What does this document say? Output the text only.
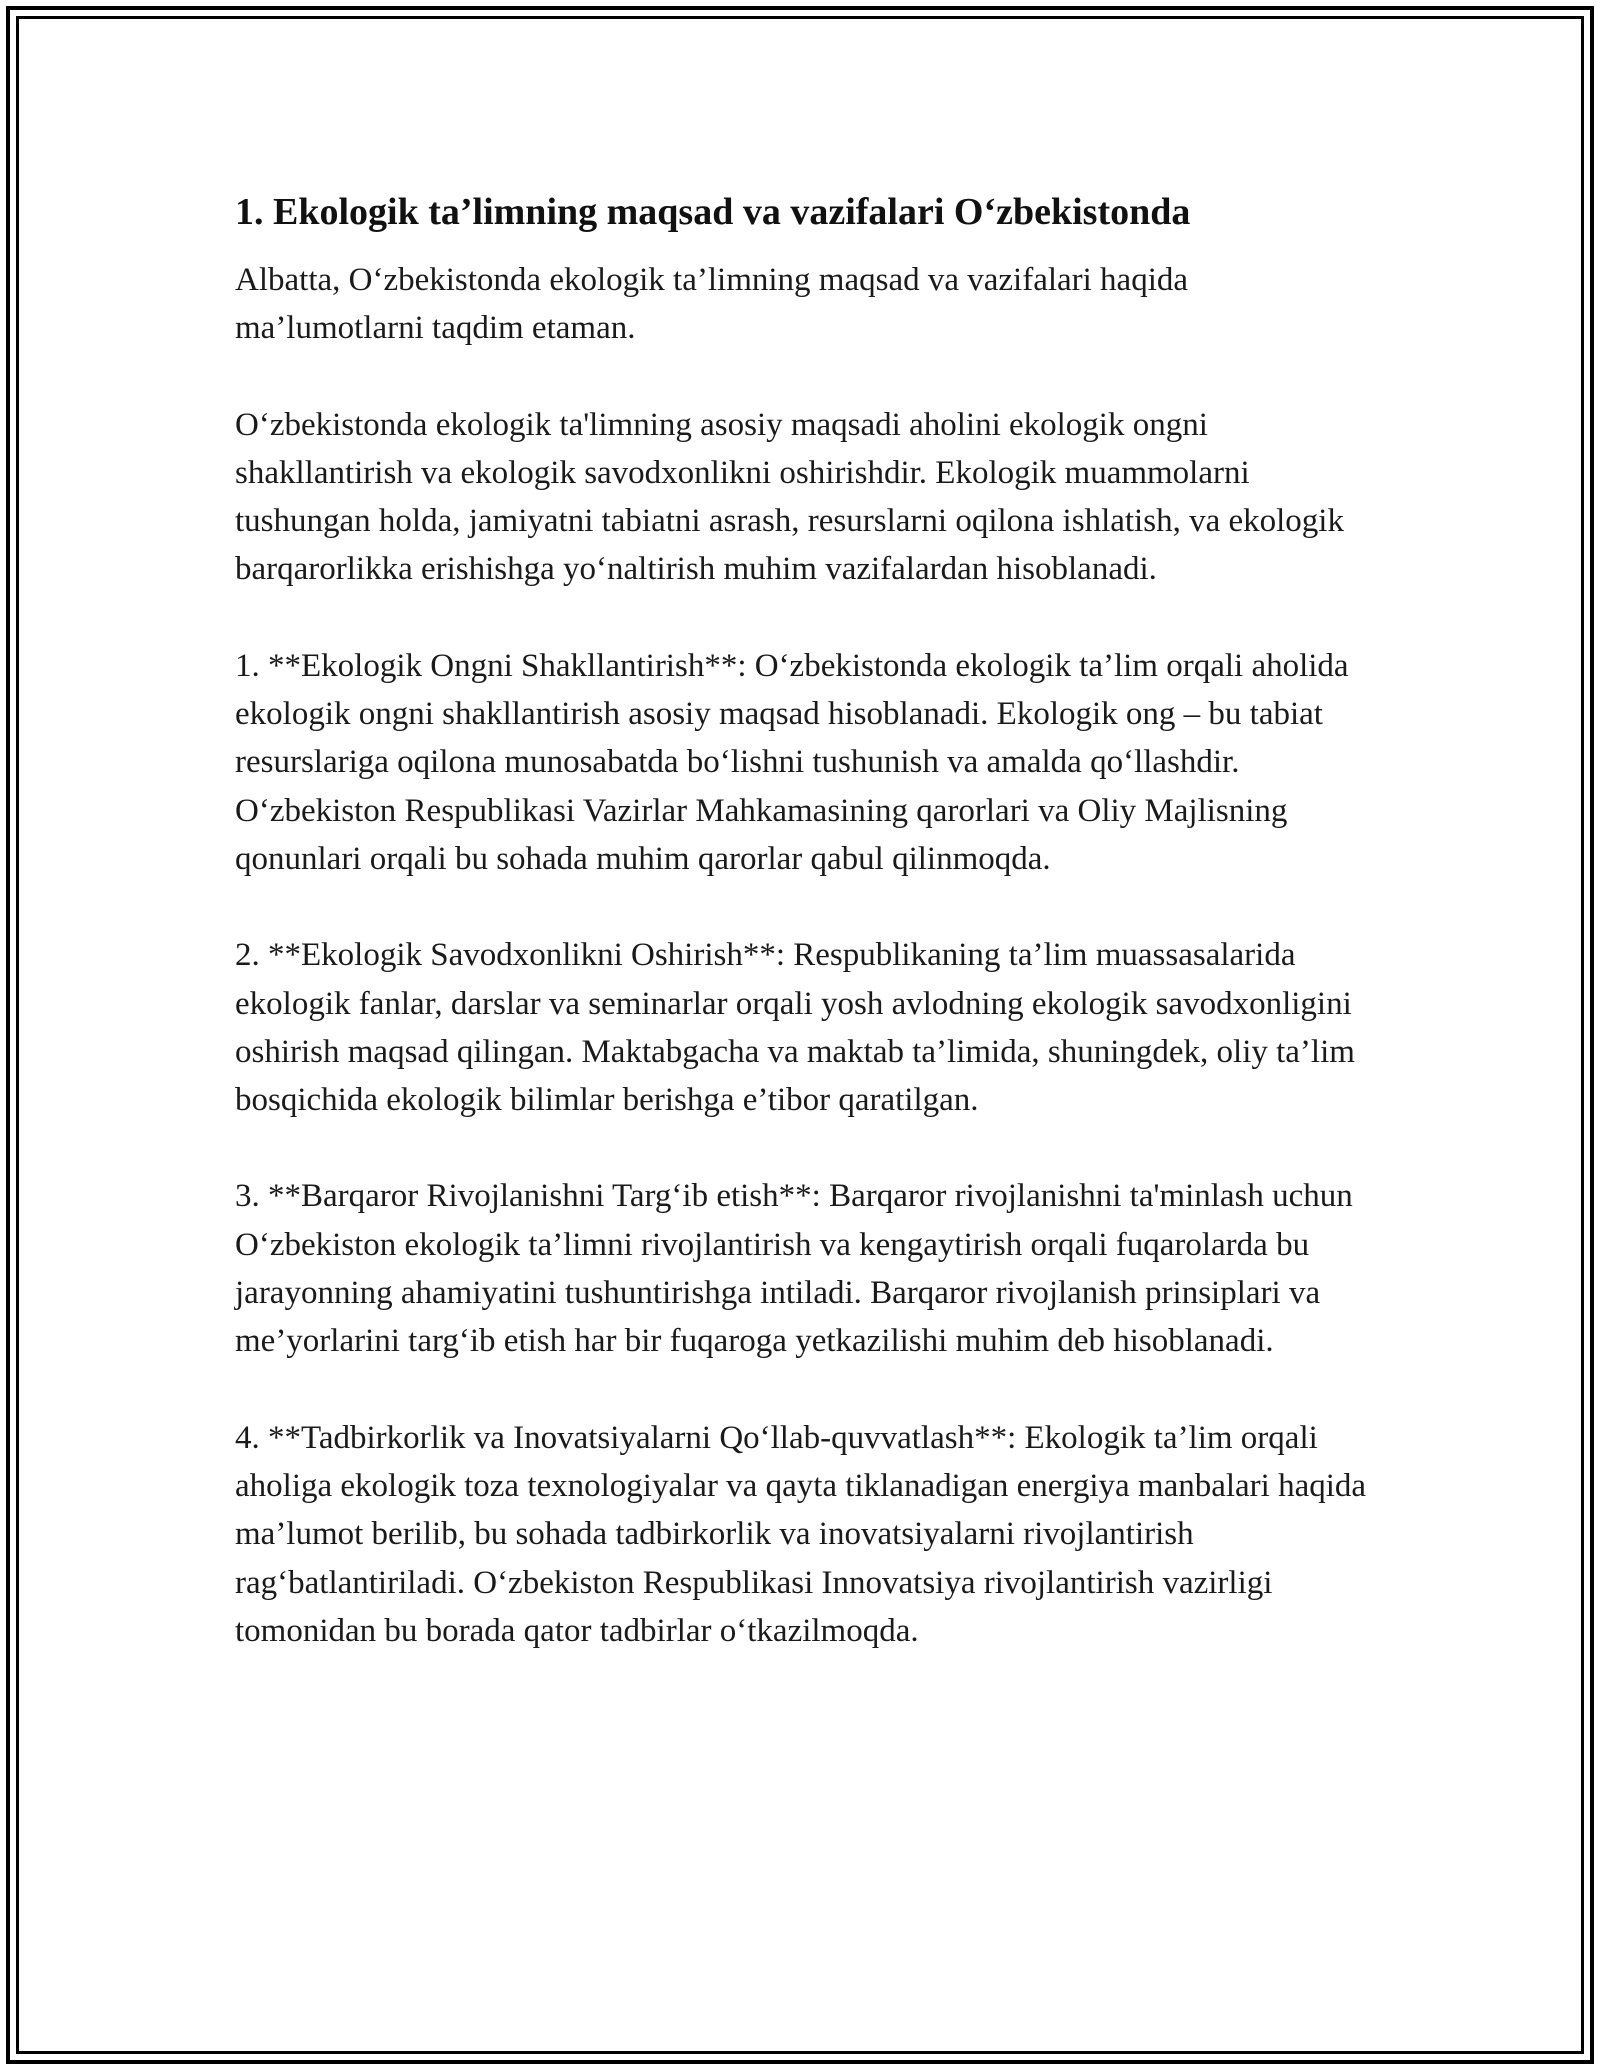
1. Ekologik ta’limning maqsad va vazifalari O‘zbekistonda

Albatta, O‘zbekistonda ekologik ta’limning maqsad va vazifalari haqida ma’lumotlarni taqdim etaman.

O‘zbekistonda ekologik ta'limning asosiy maqsadi aholini ekologik ongni shakllantirish va ekologik savodxonlikni oshirishdir. Ekologik muammolarni tushungan holda, jamiyatni tabiatni asrash, resurslarni oqilona ishlatish, va ekologik barqarorlikka erishishga yo‘naltirish muhim vazifalardan hisoblanadi.

1. **Ekologik Ongni Shakllantirish**: O‘zbekistonda ekologik ta’lim orqali aholida ekologik ongni shakllantirish asosiy maqsad hisoblanadi. Ekologik ong – bu tabiat resurslariga oqilona munosabatda bo‘lishni tushunish va amalda qo‘llashdir. O‘zbekiston Respublikasi Vazirlar Mahkamasining qarorlari va Oliy Majlisning qonunlari orqali bu sohada muhim qarorlar qabul qilinmoqda.

2. **Ekologik Savodxonlikni Oshirish**: Respublikaning ta’lim muassasalarida ekologik fanlar, darslar va seminarlar orqali yosh avlodning ekologik savodxonligini oshirish maqsad qilingan. Maktabgacha va maktab ta’limida, shuningdek, oliy ta’lim bosqichida ekologik bilimlar berishga e’tibor qaratilgan.

3. **Barqaror Rivojlanishni Targ‘ib etish**: Barqaror rivojlanishni ta'minlash uchun O‘zbekiston ekologik ta’limni rivojlantirish va kengaytirish orqali fuqarolarda bu jarayonning ahamiyatini tushuntirishga intiladi. Barqaror rivojlanish prinsiplari va me’yorlarini targ‘ib etish har bir fuqaroga yetkazilishi muhim deb hisoblanadi.

4. **Tadbirkorlik va Inovatsiyalarni Qo‘llab-quvvatlash**: Ekologik ta’lim orqali aholiga ekologik toza texnologiyalar va qayta tiklanadigan energiya manbalari haqida ma’lumot berilib, bu sohada tadbirkorlik va inovatsiyalarni rivojlantirish rag‘batlantiriladi. O‘zbekiston Respublikasi Innovatsiya rivojlantirish vazirligi tomonidan bu borada qator tadbirlar o‘tkazilmoqda.
